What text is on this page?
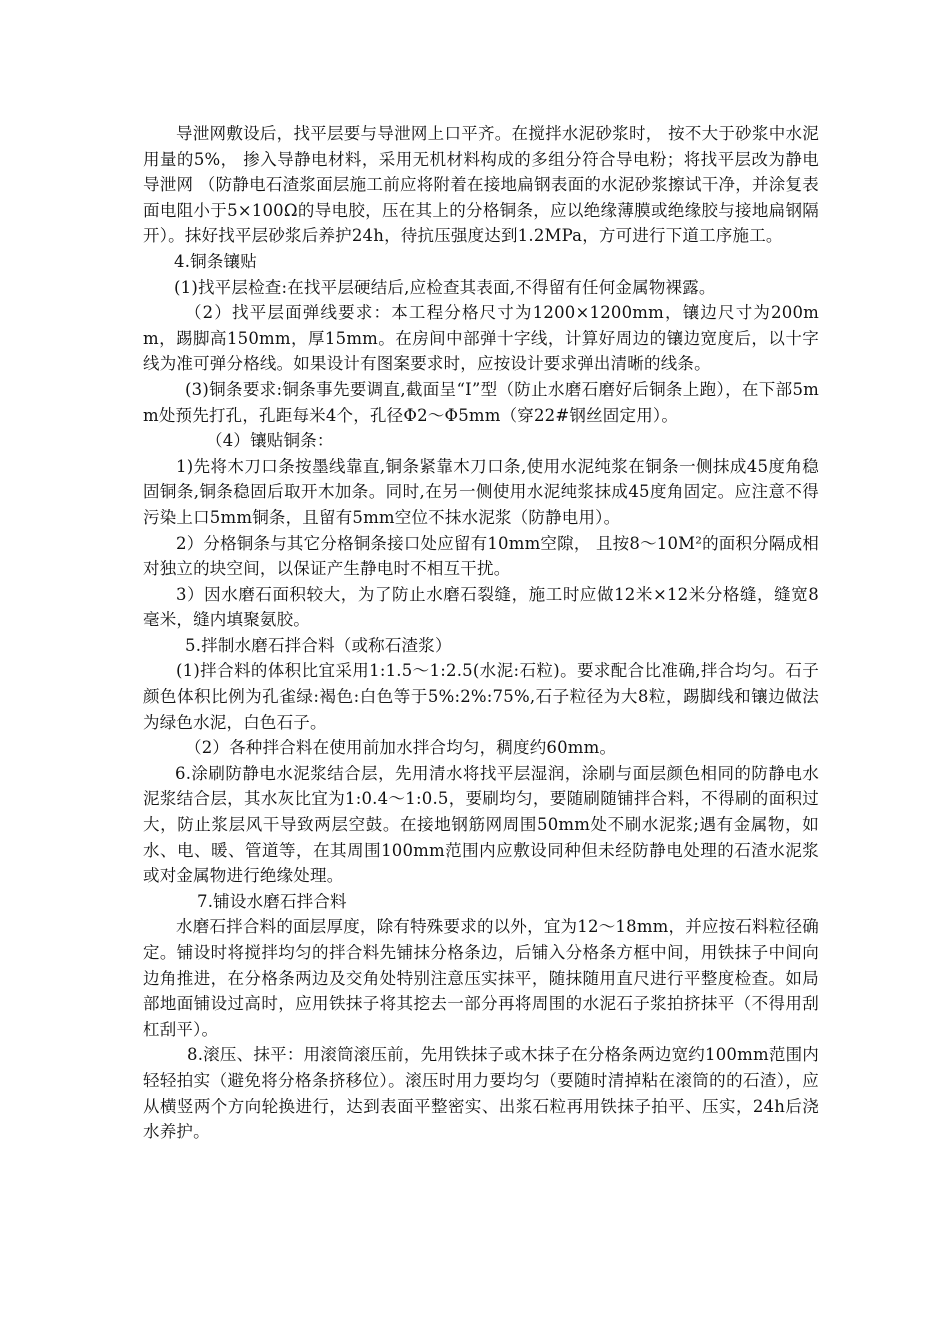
导泄网敷设后，找平层要与导泄网上口平齐。在搅拌水泥砂浆时， 按不大于砂浆中水泥用量的5%， 掺入导静电材料，采用无机材料构成的多组分符合导电粉；将找平层改为静电导泄网 （防静电石渣浆面层施工前应将附着在接地扁钢表面的水泥砂浆擦试干净，并涂复表面电阻小于5×100Ω的导电胶，压在其上的分格铜条，应以绝缘薄膜或绝缘胶与接地扁钢隔开）。抹好找平层砂浆后养护24h，待抗压强度达到1.2MPa，方可进行下道工序施工。

4.铜条镶贴

(1)找平层检查:在找平层硬结后,应检查其表面,不得留有任何金属物裸露。

（2）找平层面弹线要求：本工程分格尺寸为1200×1200mm，镶边尺寸为200mm，踢脚高150mm，厚15mm。在房间中部弹十字线，计算好周边的镶边宽度后，以十字线为准可弹分格线。如果设计有图案要求时，应按设计要求弹出清晰的线条。

(3)铜条要求:铜条事先要调直,截面呈“I”型（防止水磨石磨好后铜条上跑），在下部5mm处预先打孔，孔距每米4个，孔径Φ2～Φ5mm（穿22#钢丝固定用）。

（4）镶贴铜条：

1)先将木刀口条按墨线靠直,铜条紧靠木刀口条,使用水泥纯浆在铜条一侧抹成45度角稳固铜条,铜条稳固后取开木加条。同时,在另一侧使用水泥纯浆抹成45度角固定。应注意不得污染上口5mm铜条，且留有5mm空位不抹水泥浆（防静电用）。

2）分格铜条与其它分格铜条接口处应留有10mm空隙， 且按8～10M²的面积分隔成相对独立的块空间，以保证产生静电时不相互干扰。

3）因水磨石面积较大，为了防止水磨石裂缝，施工时应做12米×12米分格缝，缝宽8毫米，缝内填聚氨胶。

5.拌制水磨石拌合料（或称石渣浆）

(1)拌合料的体积比宜采用1:1.5～1:2.5(水泥:石粒)。要求配合比准确,拌合均匀。石子颜色体积比例为孔雀绿:褐色:白色等于5%:2%:75%,石子粒径为大8粒，踢脚线和镶边做法为绿色水泥，白色石子。

（2）各种拌合料在使用前加水拌合均匀，稠度约60mm。

6.涂刷防静电水泥浆结合层，先用清水将找平层湿润，涂刷与面层颜色相同的防静电水泥浆结合层，其水灰比宜为1:0.4～1:0.5，要刷均匀，要随刷随铺拌合料，不得刷的面积过大，防止浆层风干导致两层空鼓。在接地钢筋网周围50mm处不刷水泥浆;遇有金属物，如水、电、暖、管道等，在其周围100mm范围内应敷设同种但未经防静电处理的石渣水泥浆或对金属物进行绝缘处理。

7.铺设水磨石拌合料

水磨石拌合料的面层厚度，除有特殊要求的以外，宜为12～18mm，并应按石料粒径确定。铺设时将搅拌均匀的拌合料先铺抹分格条边，后铺入分格条方框中间，用铁抹子中间向边角推进，在分格条两边及交角处特别注意压实抹平，随抹随用直尺进行平整度检查。如局部地面铺设过高时，应用铁抹子将其挖去一部分再将周围的水泥石子浆拍挤抹平（不得用刮杠刮平）。

8.滚压、抹平：用滚筒滚压前，先用铁抹子或木抹子在分格条两边宽约100mm范围内轻轻拍实（避免将分格条挤移位）。滚压时用力要均匀（要随时清掉粘在滚筒的的石渣），应从横竖两个方向轮换进行，达到表面平整密实、出浆石粒再用铁抹子拍平、压实，24h后浇水养护。
